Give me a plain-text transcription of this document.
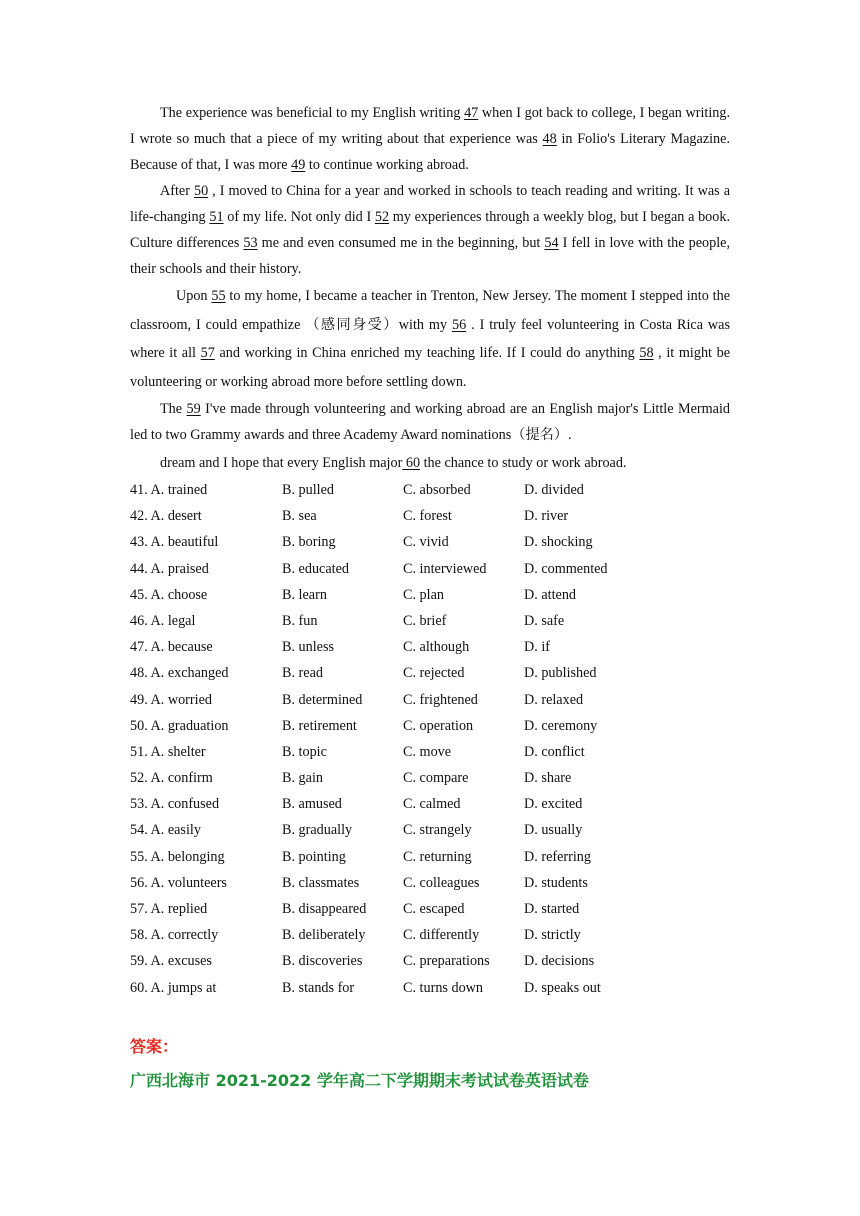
The experience was beneficial to my English writing 47 when I got back to college, I began writing. I wrote so much that a piece of my writing about that experience was 48 in Folio's Literary Magazine. Because of that, I was more 49 to continue working abroad.

After 50 , I moved to China for a year and worked in schools to teach reading and writing. It was a life-changing 51 of my life. Not only did I 52 my experiences through a weekly blog, but I began a book. Culture differences 53 me and even consumed me in the beginning, but 54 I fell in love with the people, their schools and their history.

Upon 55 to my home, I became a teacher in Trenton, New Jersey. The moment I stepped into the classroom, I could empathize （感同身受）with my 56 . I truly feel volunteering in Costa Rica was where it all 57 and working in China enriched my teaching life. If I could do anything 58 , it might be volunteering or working abroad more before settling down.

The 59 I've made through volunteering and working abroad are an English major's Little Mermaid led to two Grammy awards and three Academy Award nominations（提名）.

dream and I hope that every English major 60 the chance to study or work abroad.

41. A. trained	B. pulled	C. absorbed	D. divided
42. A. desert	B. sea	C. forest	D. river
43. A. beautiful	B. boring	C. vivid	D. shocking
44. A. praised	B. educated	C. interviewed	D. commented
45. A. choose	B. learn	C. plan	D. attend
46. A. legal	B. fun	C. brief	D. safe
47. A. because	B. unless	C. although	D. if
48. A. exchanged	B. read	C. rejected	D. published
49. A. worried	B. determined	C. frightened	D. relaxed
50. A. graduation	B. retirement	C. operation	D. ceremony
51. A. shelter	B. topic	C. move	D. conflict
52. A. confirm	B. gain	C. compare	D. share
53. A. confused	B. amused	C. calmed	D. excited
54. A. easily	B. gradually	C. strangely	D. usually
55. A. belonging	B. pointing	C. returning	D. referring
56. A. volunteers	B. classmates	C. colleagues	D. students
57. A. replied	B. disappeared	C. escaped	D. started
58. A. correctly	B. deliberately	C. differently	D. strictly
59. A. excuses	B. discoveries	C. preparations	D. decisions
60. A. jumps at	B. stands for	C. turns down	D. speaks out
答案：
广西北海市 2021-2022 学年高二下学期期末考试试卷英语试卷
